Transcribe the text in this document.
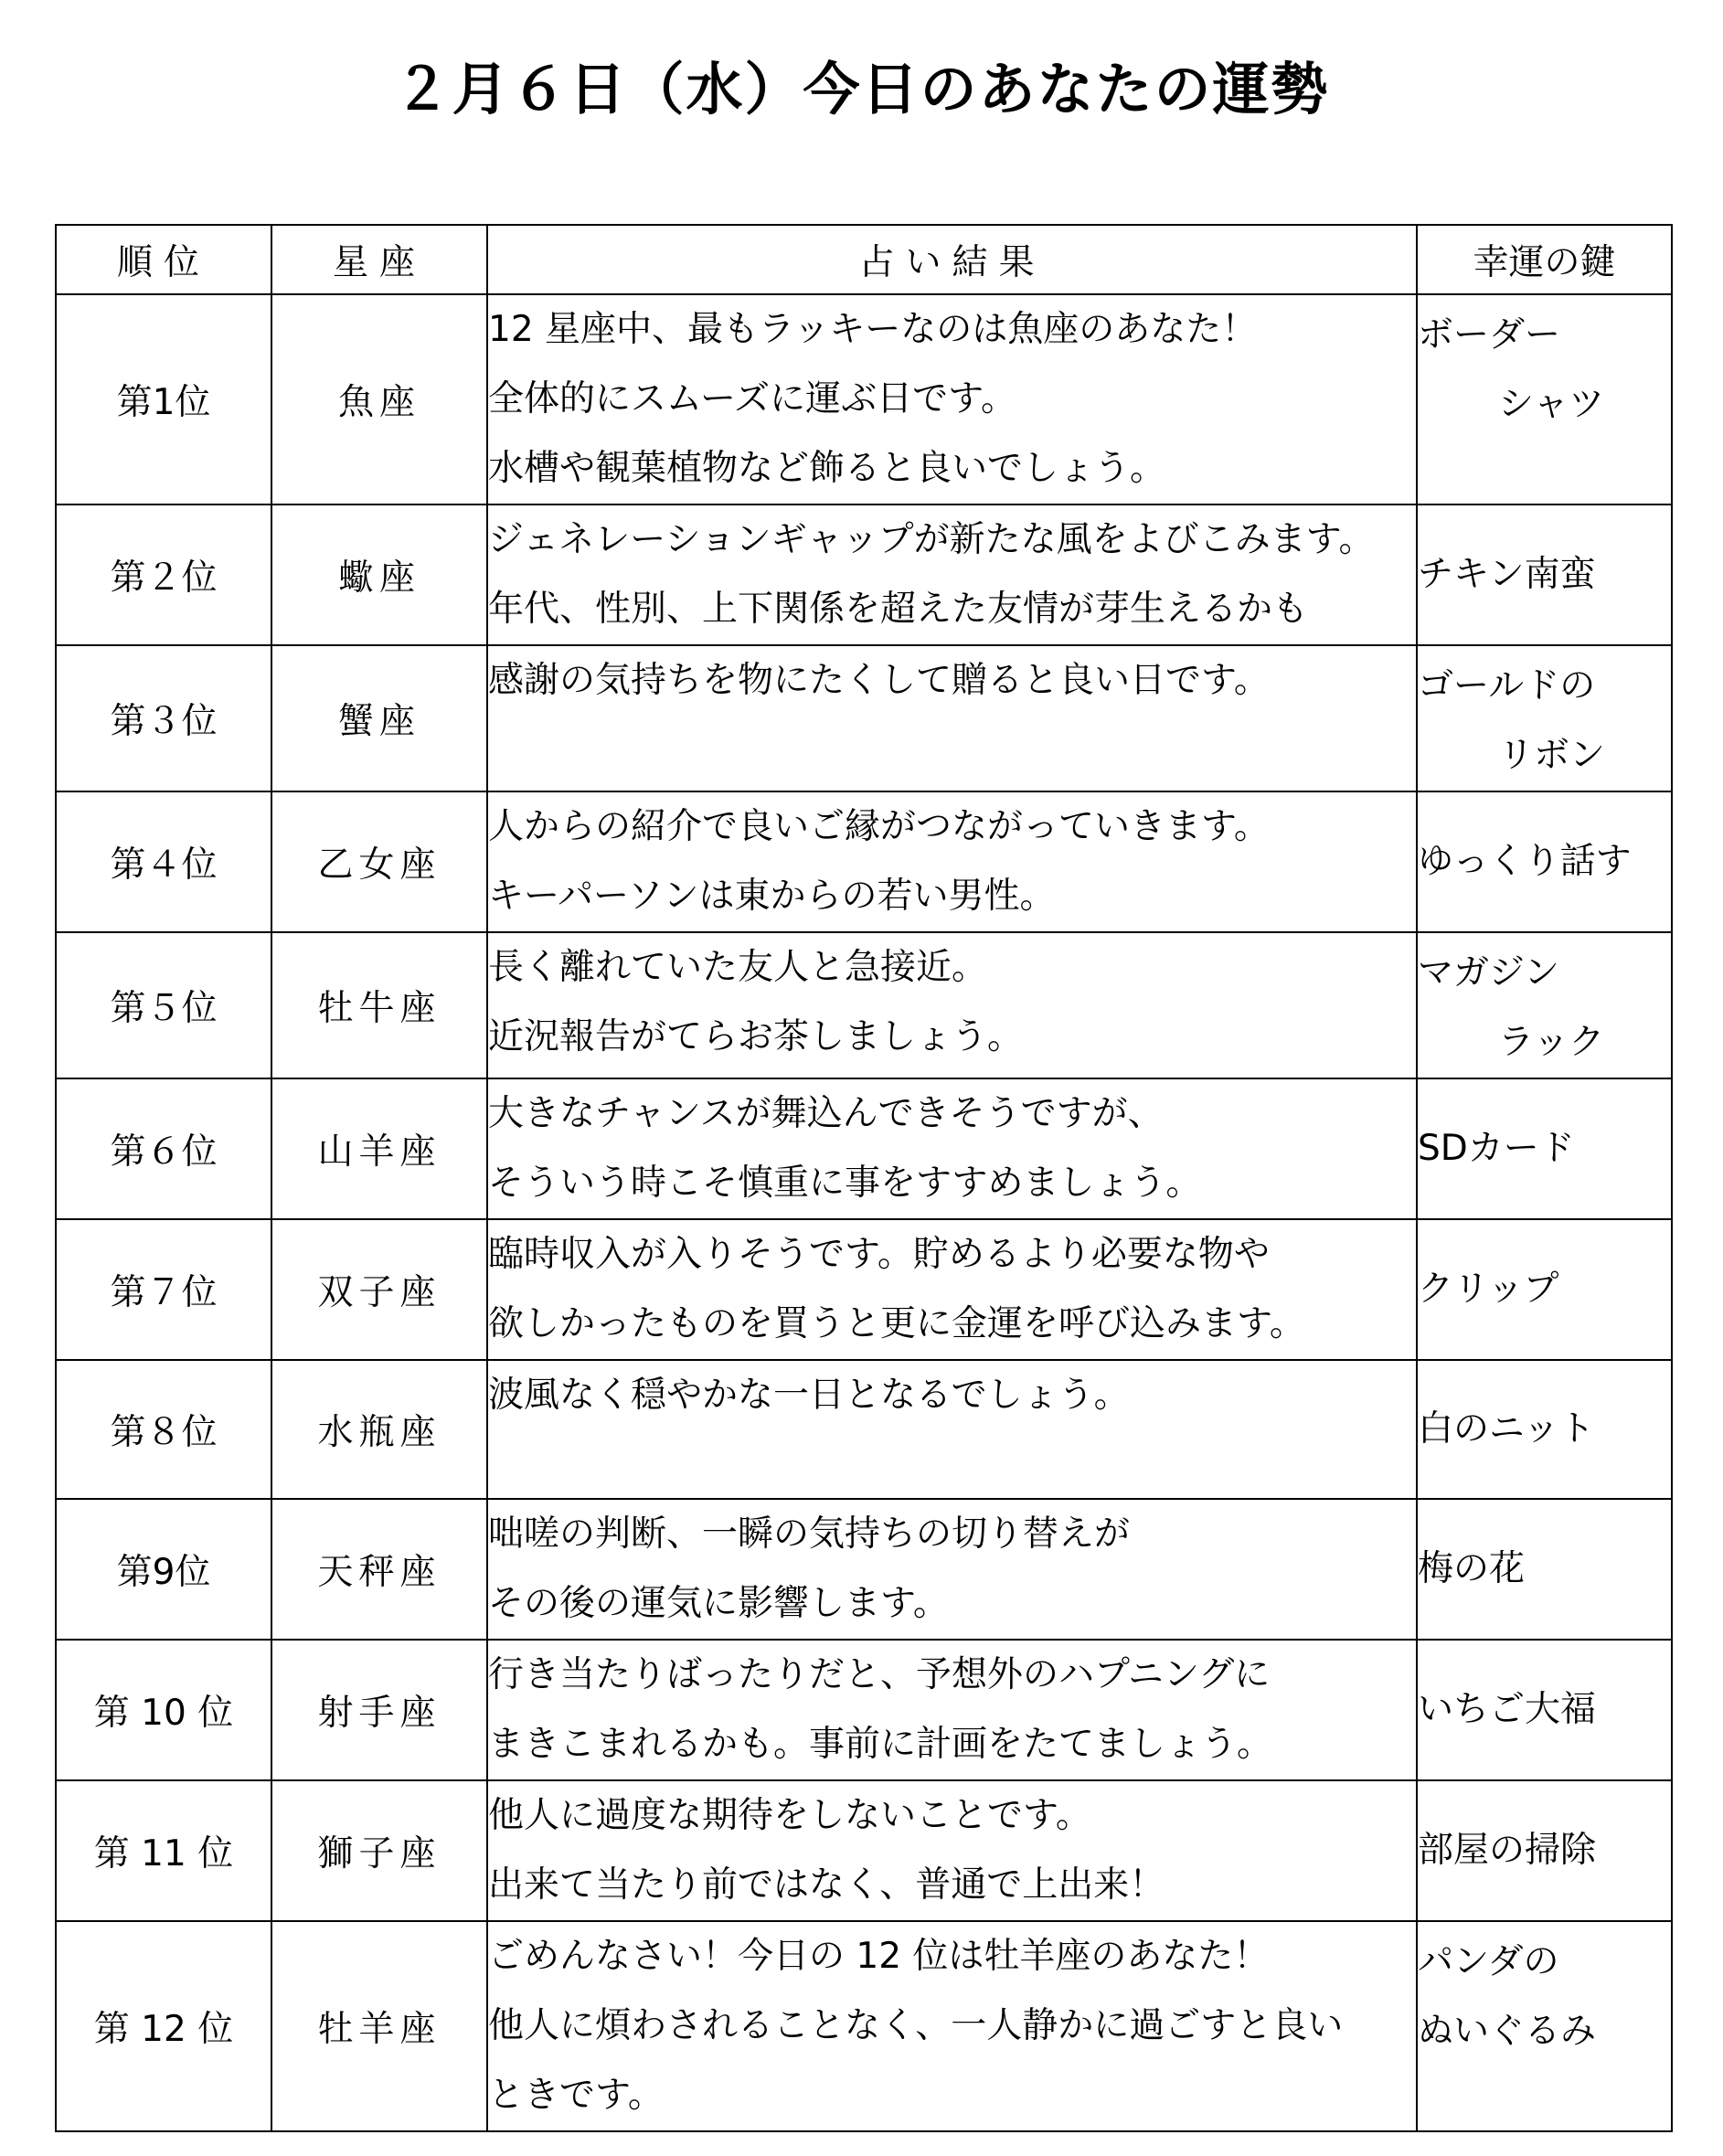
２月６日（水）今日のあなたの運勢
順位	星座	占い結果	幸運の鍵
第1位	魚座	12 星座中、最もラッキーなのは魚座のあなた！
全体的にスムーズに運ぶ日です。
水槽や観葉植物など飾ると良いでしょう。	ボーダー
シャツ

第２位	蠍座	ジェネレーションギャップが新たな風をよびこみます。
年代、性別、上下関係を超えた友情が芽生えるかも	チキン南蛮

第３位	蟹座	感謝の気持ちを物にたくして贈ると良い日です。	ゴールドの
リボン

第４位	乙女座	人からの紹介で良いご縁がつながっていきます。
キーパーソンは東からの若い男性。	ゆっくり話す

第５位	牡牛座	長く離れていた友人と急接近。
近況報告がてらお茶しましょう。	マガジン
ラック

第６位	山羊座	大きなチャンスが舞込んできそうですが、
そういう時こそ慎重に事をすすめましょう。	SDカード

第７位	双子座	臨時収入が入りそうです。貯めるより必要な物や
欲しかったものを買うと更に金運を呼び込みます。	クリップ

第８位	水瓶座	波風なく穏やかな一日となるでしょう。	白のニット

第9位	天秤座	咄嗟の判断、一瞬の気持ちの切り替えが
その後の運気に影響します。	梅の花

第 10 位	射手座	行き当たりばったりだと、予想外のハプニングに
まきこまれるかも。事前に計画をたてましょう。	いちご大福

第 11 位	獅子座	他人に過度な期待をしないことです。
出来て当たり前ではなく、普通で上出来！	部屋の掃除

第 12 位	牡羊座	ごめんなさい！今日の 12 位は牡羊座のあなた！
他人に煩わされることなく、一人静かに過ごすと良い
ときです。	パンダの
ぬいぐるみ
